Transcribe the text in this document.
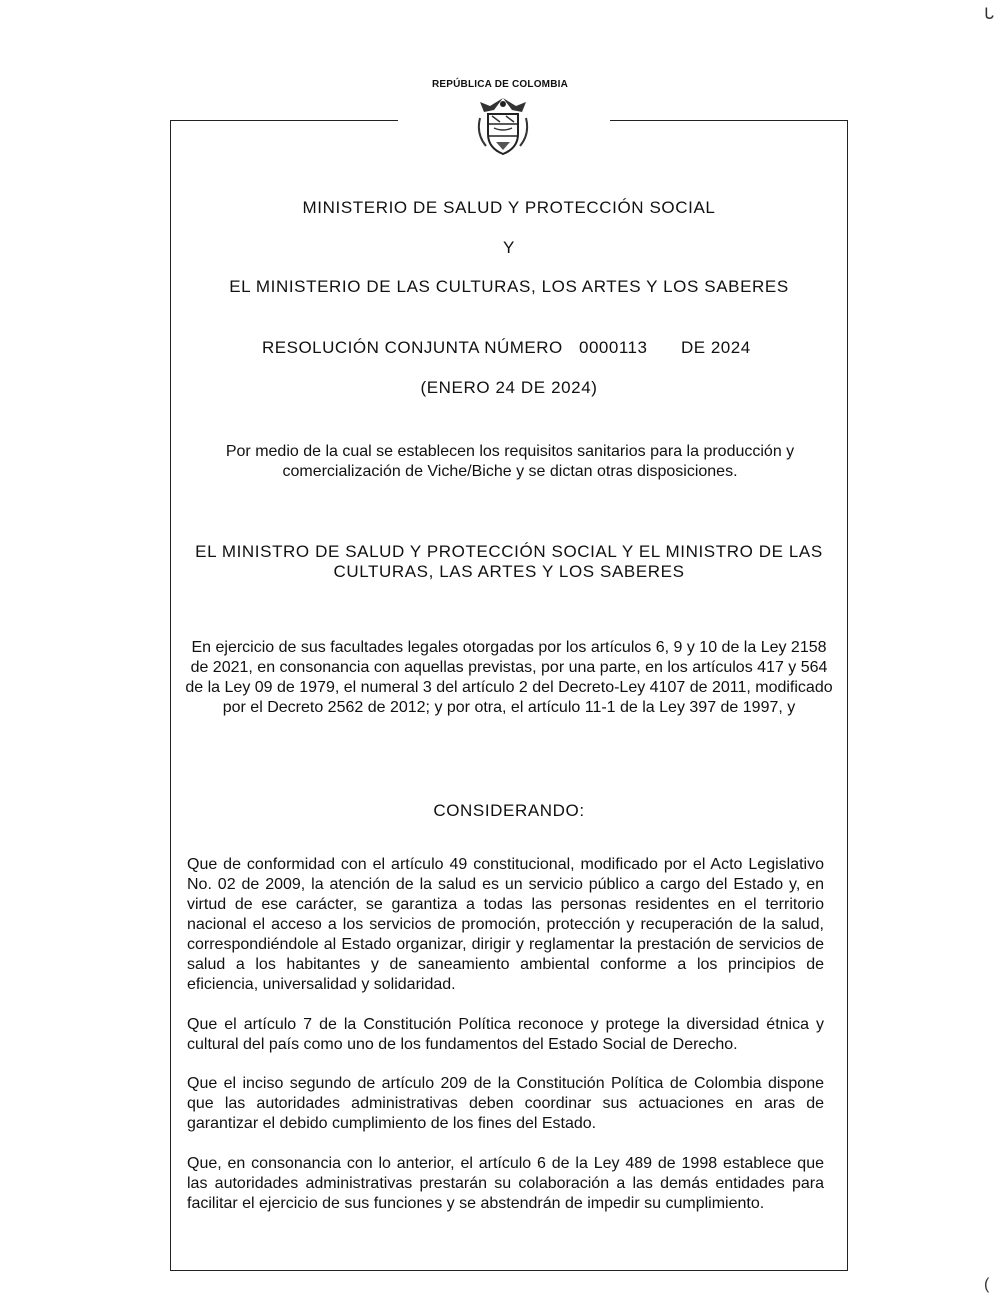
REPÚBLICA DE COLOMBIA
MINISTERIO DE SALUD Y PROTECCIÓN SOCIAL
Y
EL MINISTERIO DE LAS CULTURAS, LOS ARTES Y LOS SABERES
RESOLUCIÓN CONJUNTA NÚMERO 0000113 DE 2024
(ENERO 24 DE 2024)
Por medio de la cual se establecen los requisitos sanitarios para la producción y comercialización de Viche/Biche y se dictan otras disposiciones.
EL MINISTRO DE SALUD Y PROTECCIÓN SOCIAL Y EL MINISTRO DE LAS
CULTURAS, LAS ARTES Y LOS SABERES
En ejercicio de sus facultades legales otorgadas por los artículos 6, 9 y 10 de la Ley 2158 de 2021, en consonancia con aquellas previstas, por una parte, en los artículos 417 y 564 de la Ley 09 de 1979, el numeral 3 del artículo 2 del Decreto-Ley 4107 de 2011, modificado por el Decreto 2562 de 2012; y por otra, el artículo 11-1 de la Ley 397 de 1997, y
CONSIDERANDO:
Que de conformidad con el artículo 49 constitucional, modificado por el Acto Legislativo No. 02 de 2009, la atención de la salud es un servicio público a cargo del Estado y, en virtud de ese carácter, se garantiza a todas las personas residentes en el territorio nacional el acceso a los servicios de promoción, protección y recuperación de la salud, correspondiéndole al Estado organizar, dirigir y reglamentar la prestación de servicios de salud a los habitantes y de saneamiento ambiental conforme a los principios de eficiencia, universalidad y solidaridad.
Que el artículo 7 de la Constitución Política reconoce y protege la diversidad étnica y cultural del país como uno de los fundamentos del Estado Social de Derecho.
Que el inciso segundo de artículo 209 de la Constitución Política de Colombia dispone que las autoridades administrativas deben coordinar sus actuaciones en aras de garantizar el debido cumplimiento de los fines del Estado.
Que, en consonancia con lo anterior, el artículo 6 de la Ley 489 de 1998 establece que las autoridades administrativas prestarán su colaboración a las demás entidades para facilitar el ejercicio de sus funciones y se abstendrán de impedir su cumplimiento.
ᒐ
(
